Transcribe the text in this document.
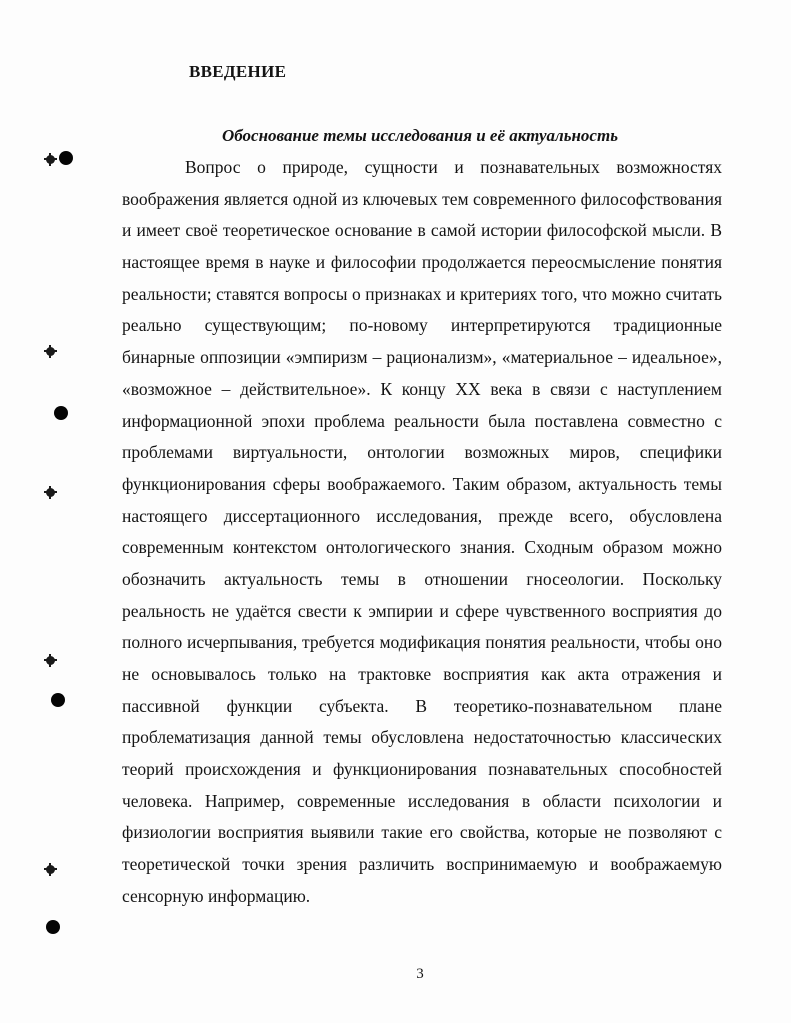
ВВЕДЕНИЕ
Обоснование темы исследования и её актуальность
Вопрос о природе, сущности и познавательных возможностях
воображения является одной из ключевых тем современного философствования
и имеет своё теоретическое основание в самой истории философской мысли. В
настоящее время в науке и философии продолжается переосмысление понятия
реальности; ставятся вопросы о признаках и критериях того, что можно считать
реально существующим; по-новому интерпретируются традиционные
бинарные оппозиции «эмпиризм – рационализм», «материальное – идеальное»,
«возможное – действительное». К концу XX века в связи с наступлением
информационной эпохи проблема реальности была поставлена совместно с
проблемами виртуальности, онтологии возможных миров, специфики
функционирования сферы воображаемого. Таким образом, актуальность темы
настоящего диссертационного исследования, прежде всего, обусловлена
современным контекстом онтологического знания. Сходным образом можно
обозначить актуальность темы в отношении гносеологии. Поскольку
реальность не удаётся свести к эмпирии и сфере чувственного восприятия до
полного исчерпывания, требуется модификация понятия реальности, чтобы оно
не основывалось только на трактовке восприятия как акта отражения и
пассивной функции субъекта. В теоретико-познавательном плане
проблематизация данной темы обусловлена недостаточностью классических
теорий происхождения и функционирования познавательных способностей
человека. Например, современные исследования в области психологии и
физиологии восприятия выявили такие его свойства, которые не позволяют с
теоретической точки зрения различить воспринимаемую и воображаемую
сенсорную информацию.
3
